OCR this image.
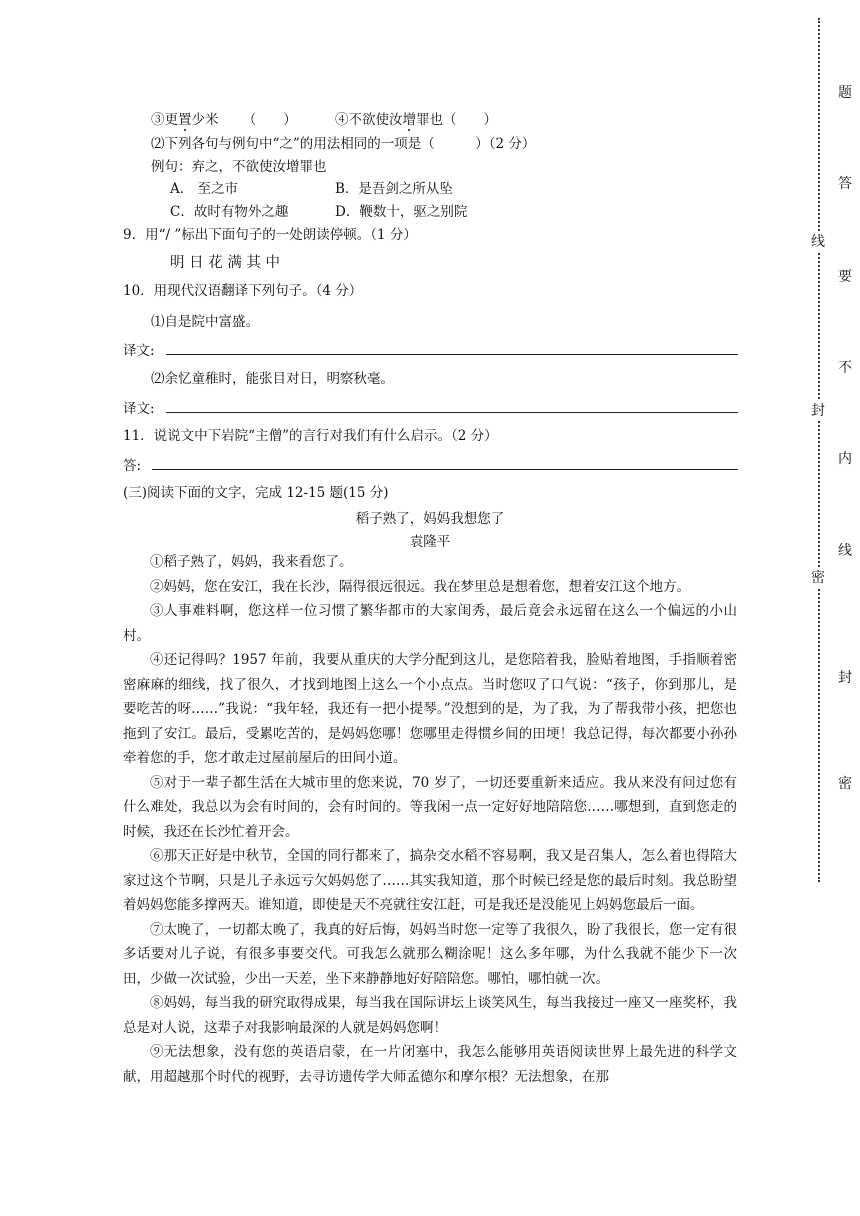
③更置少米 （　　）	④不欲使汝增罪也（　　）
⑵下列各句与例句中“之”的用法相同的一项是（　　　）（2 分）
例句：弃之，不欲使汝增罪也
A.　至之市	B．是吾剑之所从坠
C．故时有物外之趣	D．鞭数十，驱之别院
9．用“/ ”标出下面句子的一处朗读停顿。（1 分）
明 日 花 满 其 中
10．用现代汉语翻译下列句子。（4 分）
⑴自是院中富盛。
译文:
⑵余忆童稚时，能张目对日，明察秋毫。
译文:
11．说说文中下岩院“主僧”的言行对我们有什么启示。（2 分）
答:
(三)阅读下面的文字，完成 12-15 题(15 分)
稻子熟了，妈妈我想您了
袁隆平

①稻子熟了，妈妈，我来看您了。

②妈妈，您在安江，我在长沙，隔得很远很远。我在梦里总是想着您，想着安江这个地方。

③人事难料啊，您这样一位习惯了繁华都市的大家闺秀，最后竟会永远留在这么一个偏远的小山村。

④还记得吗？1957 年前，我要从重庆的大学分配到这儿，是您陪着我，脸贴着地图，手指顺着密密麻麻的细线，找了很久，才找到地图上这么一个小点点。当时您叹了口气说：“孩子，你到那儿，是要吃苦的呀……”我说：“我年轻，我还有一把小提琴。”没想到的是，为了我，为了帮我带小孩，把您也拖到了安江。最后，受累吃苦的，是妈妈您哪！您哪里走得惯乡间的田埂！我总记得，每次都要小孙孙牵着您的手，您才敢走过屋前屋后的田间小道。

⑤对于一辈子都生活在大城市里的您来说，70 岁了，一切还要重新来适应。我从来没有问过您有什么难处，我总以为会有时间的，会有时间的。等我闲一点一定好好地陪陪您……哪想到，直到您走的时候，我还在长沙忙着开会。

⑥那天正好是中秋节，全国的同行都来了，搞杂交水稻不容易啊，我又是召集人，怎么着也得陪大家过这个节啊，只是儿子永远亏欠妈妈您了……其实我知道，那个时候已经是您的最后时刻。我总盼望着妈妈您能多撑两天。谁知道，即使是天不亮就往安江赶，可是我还是没能见上妈妈您最后一面。

⑦太晚了，一切都太晚了，我真的好后悔，妈妈当时您一定等了我很久，盼了我很长，您一定有很多话要对儿子说，有很多事要交代。可我怎么就那么糊涂呢！这么多年哪，为什么我就不能少下一次田，少做一次试验，少出一天差，坐下来静静地好好陪陪您。哪怕，哪怕就一次。

⑧妈妈，每当我的研究取得成果，每当我在国际讲坛上谈笑风生，每当我接过一座又一座奖杯，我总是对人说，这辈子对我影响最深的人就是妈妈您啊！

⑨无法想象，没有您的英语启蒙，在一片闭塞中，我怎么能够用英语阅读世界上最先进的科学文献，用超越那个时代的视野，去寻访遗传学大师孟德尔和摩尔根？无法想象，在那

题
答
线
要
不
封
内
线
密
封
密
